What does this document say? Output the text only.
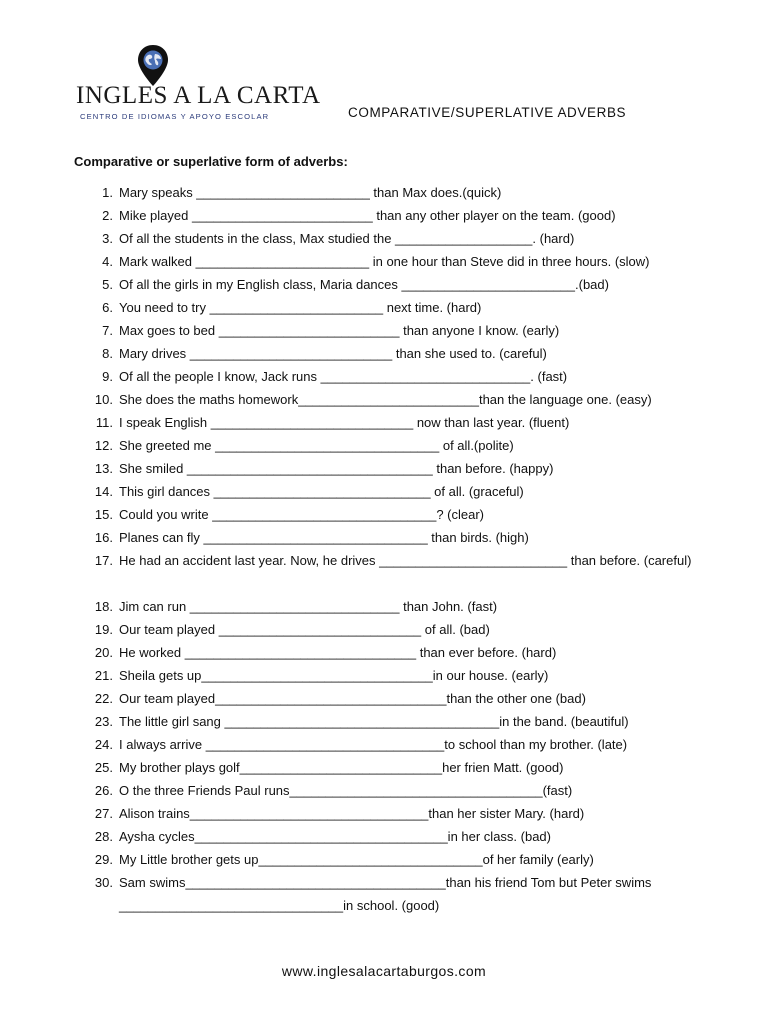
INGLES A LA CARTA
CENTRO DE IDIOMAS Y APOYO ESCOLAR	COMPARATIVE/SUPERLATIVE ADVERBS
Comparative or superlative form of adverbs:
1. Mary speaks ________________________ than Max does.(quick)
2. Mike played _________________________ than any other player on the team. (good)
3. Of all the students in the class, Max studied the ___________________. (hard)
4. Mark walked ________________________ in one hour than Steve did in three hours. (slow)
5. Of all the girls in my English class, Maria dances ________________________.(bad)
6. You need to try ________________________ next time. (hard)
7. Max goes to bed _________________________ than anyone I know. (early)
8. Mary drives ____________________________ than she used to. (careful)
9. Of all the people I know, Jack runs _____________________________. (fast)
10. She does the maths homework_________________________than the language one. (easy)
11. I speak English ____________________________ now than last year. (fluent)
12. She greeted me _______________________________ of all.(polite)
13. She smiled __________________________________ than before. (happy)
14. This girl dances ______________________________ of all. (graceful)
15. Could you write _______________________________? (clear)
16. Planes can fly _______________________________ than birds. (high)
17. He had an accident last year. Now, he drives __________________________ than before. (careful)
18. Jim can run _____________________________ than John. (fast)
19. Our team played ____________________________ of all. (bad)
20. He worked ________________________________ than ever before. (hard)
21. Sheila gets up________________________________in our house. (early)
22. Our team played________________________________than the other one (bad)
23. The little girl sang ______________________________________in the band. (beautiful)
24. I always arrive _________________________________to school than my brother. (late)
25. My brother plays golf____________________________her frien Matt. (good)
26. O the three Friends Paul runs___________________________________(fast)
27. Alison trains_________________________________than her sister Mary. (hard)
28. Aysha cycles___________________________________in her class. (bad)
29. My Little brother gets up_______________________________of her family (early)
30. Sam swims____________________________________than his friend Tom but Peter swims _______________________________in school. (good)
www.inglesalacartaburgos.com
